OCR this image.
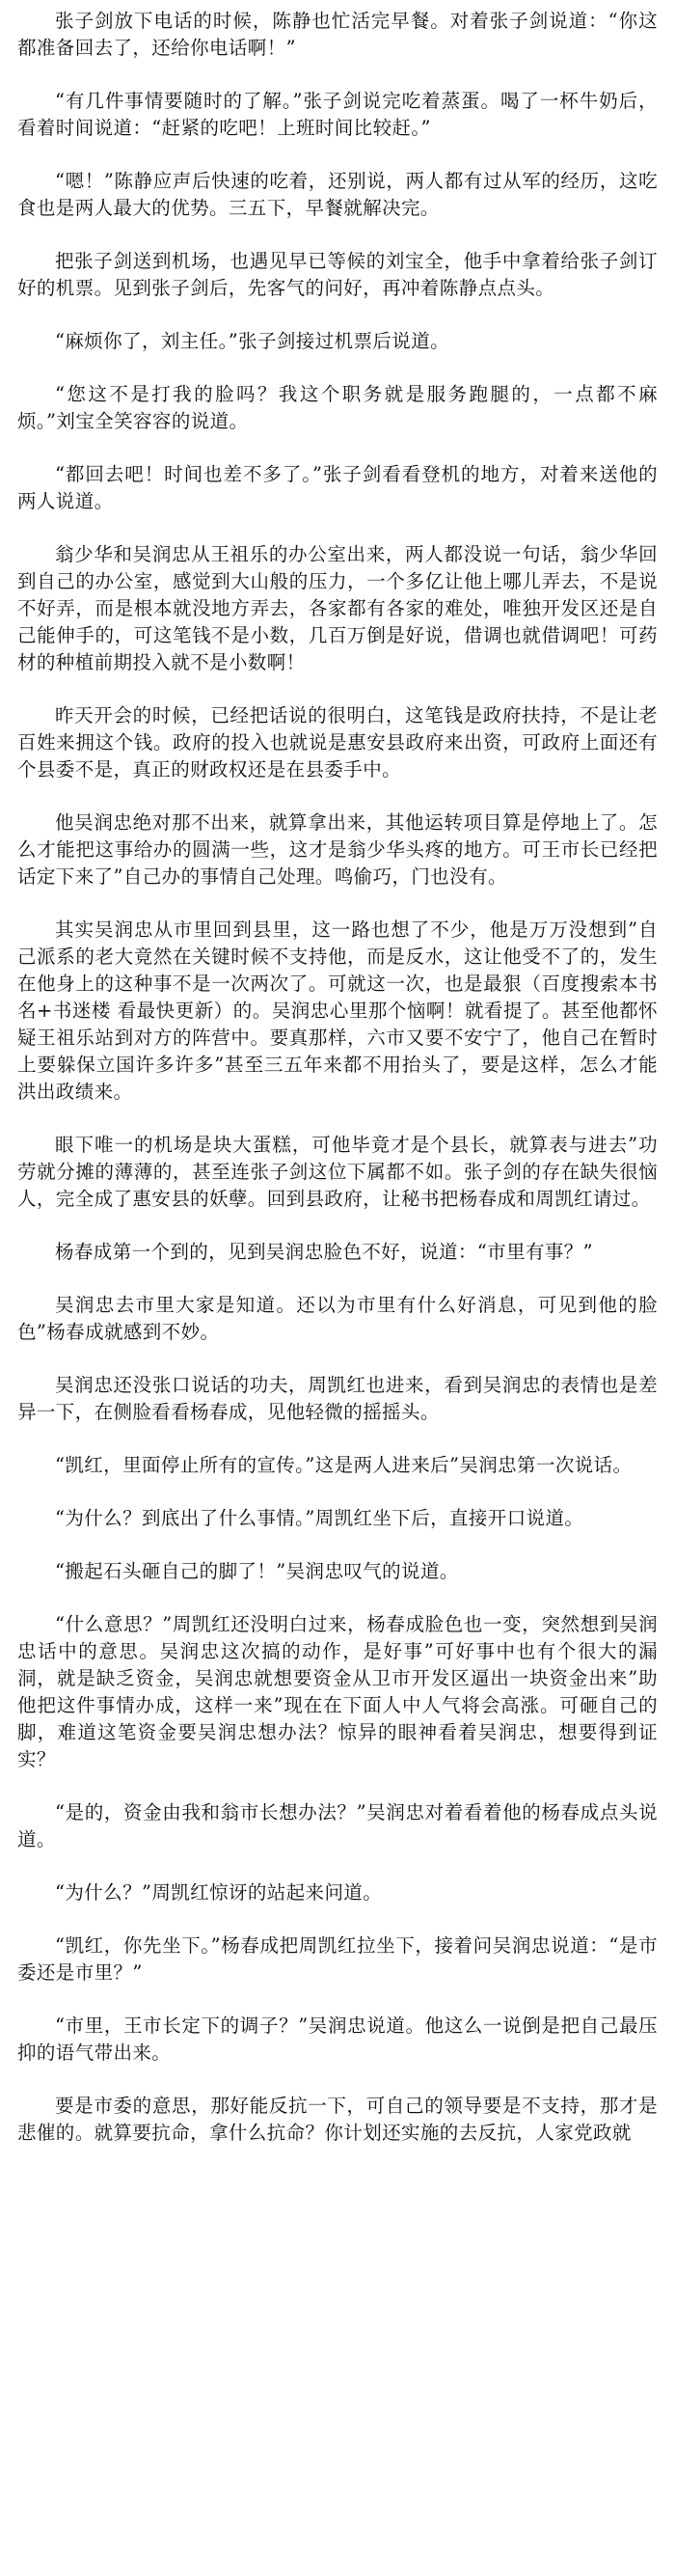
张子剑放下电话的时候，陈静也忙活完早餐。对着张子剑说道：“你这都准备回去了，还给你电话啊！”

“有几件事情要随时的了解。”张子剑说完吃着蒸蛋。喝了一杯牛奶后，看着时间说道：“赶紧的吃吧！上班时间比较赶。”

“嗯！”陈静应声后快速的吃着，还别说，两人都有过从军的经历，这吃食也是两人最大的优势。三五下，早餐就解决完。

把张子剑送到机场，也遇见早已等候的刘宝全，他手中拿着给张子剑订好的机票。见到张子剑后，先客气的问好，再冲着陈静点点头。

“麻烦你了，刘主任。”张子剑接过机票后说道。

“您这不是打我的脸吗？我这个职务就是服务跑腿的，一点都不麻烦。”刘宝全笑容容的说道。

“都回去吧！时间也差不多了。”张子剑看看登机的地方，对着来送他的两人说道。

翁少华和吴润忠从王祖乐的办公室出来，两人都没说一句话，翁少华回到自己的办公室，感觉到大山般的压力，一个多亿让他上哪儿弄去，不是说不好弄，而是根本就没地方弄去，各家都有各家的难处，唯独开发区还是自己能伸手的，可这笔钱不是小数，几百万倒是好说，借调也就借调吧！可药材的种植前期投入就不是小数啊！

昨天开会的时候，已经把话说的很明白，这笔钱是政府扶持，不是让老百姓来拥这个钱。政府的投入也就说是惠安县政府来出资，可政府上面还有个县委不是，真正的财政权还是在县委手中。

他吴润忠绝对那不出来，就算拿出来，其他运转项目算是停地上了。怎么才能把这事给办的圆满一些，这才是翁少华头疼的地方。可王市长已经把话定下来了”自己办的事情自己处理。鸣偷巧，门也没有。

其实吴润忠从市里回到县里，这一路也想了不少，他是万万没想到”自己派系的老大竟然在关键时候不支持他，而是反水，这让他受不了的，发生在他身上的这种事不是一次两次了。可就这一次，也是最狠（百度搜索本书名+书迷楼 看最快更新）的。吴润忠心里那个恼啊！就看提了。甚至他都怀疑王祖乐站到对方的阵营中。要真那样，六市又要不安宁了，他自己在暂时上要躲保立国许多许多”甚至三五年来都不用抬头了，要是这样，怎么才能洪出政绩来。

眼下唯一的机场是块大蛋糕，可他毕竟才是个县长，就算表与进去”功劳就分摊的薄薄的，甚至连张子剑这位下属都不如。张子剑的存在缺失很恼人，完全成了惠安县的妖孽。回到县政府，让秘书把杨春成和周凯红请过。

杨春成第一个到的，见到吴润忠脸色不好，说道：“市里有事？”

吴润忠去市里大家是知道。还以为市里有什么好消息，可见到他的脸色”杨春成就感到不妙。

吴润忠还没张口说话的功夫，周凯红也进来，看到吴润忠的表情也是差异一下，在侧脸看看杨春成，见他轻微的摇摇头。

“凯红，里面停止所有的宣传。”这是两人进来后”吴润忠第一次说话。

“为什么？到底出了什么事情。”周凯红坐下后，直接开口说道。

“搬起石头砸自己的脚了！”吴润忠叹气的说道。

“什么意思？”周凯红还没明白过来，杨春成脸色也一变，突然想到吴润忠话中的意思。吴润忠这次搞的动作，是好事”可好事中也有个很大的漏洞，就是缺乏资金，吴润忠就想要资金从卫市开发区逼出一块资金出来”助他把这件事情办成，这样一来”现在在下面人中人气将会高涨。可砸自己的脚，难道这笔资金要吴润忠想办法？惊异的眼神看着吴润忠，想要得到证实？

“是的，资金由我和翁市长想办法？”吴润忠对着看着他的杨春成点头说道。

“为什么？”周凯红惊讶的站起来问道。

“凯红，你先坐下。”杨春成把周凯红拉坐下，接着问吴润忠说道：“是市委还是市里？”

“市里，王市长定下的调子？”吴润忠说道。他这么一说倒是把自己最压抑的语气带出来。

要是市委的意思，那好能反抗一下，可自己的领导要是不支持，那才是悲催的。就算要抗命，拿什么抗命？你计划还实施的去反抗，人家党政就
